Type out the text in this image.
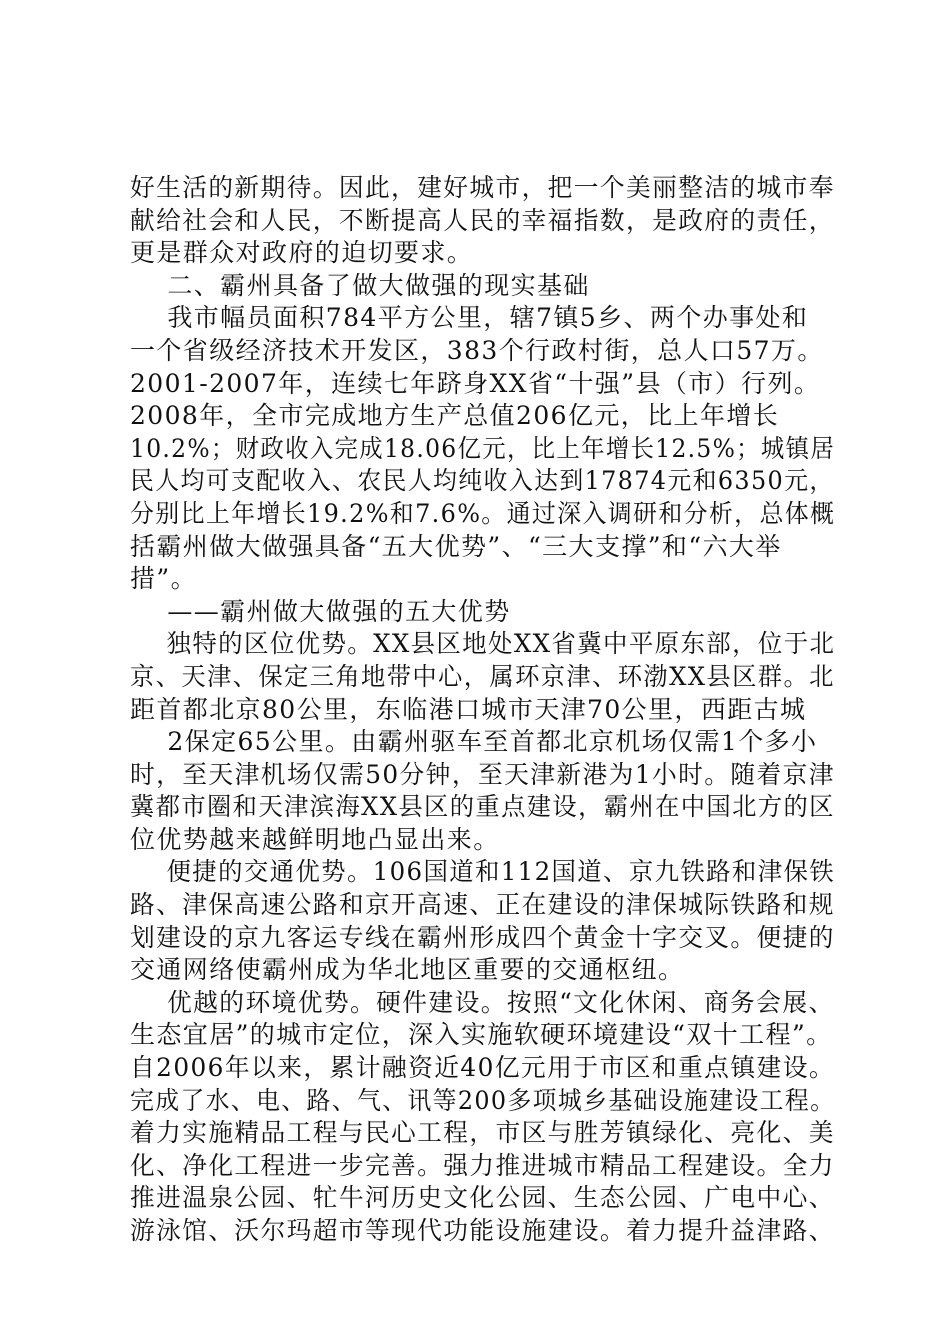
好生活的新期待。因此，建好城市，把一个美丽整洁的城市奉
献给社会和人民，不断提高人民的幸福指数，是政府的责任，
更是群众对政府的迫切要求。
二、霸州具备了做大做强的现实基础
我市幅员面积784平方公里，辖7镇5乡、两个办事处和
一个省级经济技术开发区，383个行政村街，总人口57万。
2001-2007年，连续七年跻身XX省“十强”县（市）行列。
2008年，全市完成地方生产总值206亿元，比上年增长
10.2%；财政收入完成18.06亿元，比上年增长12.5%；城镇居
民人均可支配收入、农民人均纯收入达到17874元和6350元，
分别比上年增长19.2%和7.6%。通过深入调研和分析，总体概
括霸州做大做强具备“五大优势”、“三大支撑”和“六大举
措”。
——霸州做大做强的五大优势
独特的区位优势。XX县区地处XX省冀中平原东部，位于北
京、天津、保定三角地带中心，属环京津、环渤XX县区群。北
距首都北京80公里，东临港口城市天津70公里，西距古城
2保定65公里。由霸州驱车至首都北京机场仅需1个多小
时，至天津机场仅需50分钟，至天津新港为1小时。随着京津
冀都市圈和天津滨海XX县区的重点建设，霸州在中国北方的区
位优势越来越鲜明地凸显出来。
便捷的交通优势。106国道和112国道、京九铁路和津保铁
路、津保高速公路和京开高速、正在建设的津保城际铁路和规
划建设的京九客运专线在霸州形成四个黄金十字交叉。便捷的
交通网络使霸州成为华北地区重要的交通枢纽。
优越的环境优势。硬件建设。按照“文化休闲、商务会展、
生态宜居”的城市定位，深入实施软硬环境建设“双十工程”。
自2006年以来，累计融资近40亿元用于市区和重点镇建设。
完成了水、电、路、气、讯等200多项城乡基础设施建设工程。
着力实施精品工程与民心工程，市区与胜芳镇绿化、亮化、美
化、净化工程进一步完善。强力推进城市精品工程建设。全力
推进温泉公园、牤牛河历史文化公园、生态公园、广电中心、
游泳馆、沃尔玛超市等现代功能设施建设。着力提升益津路、
